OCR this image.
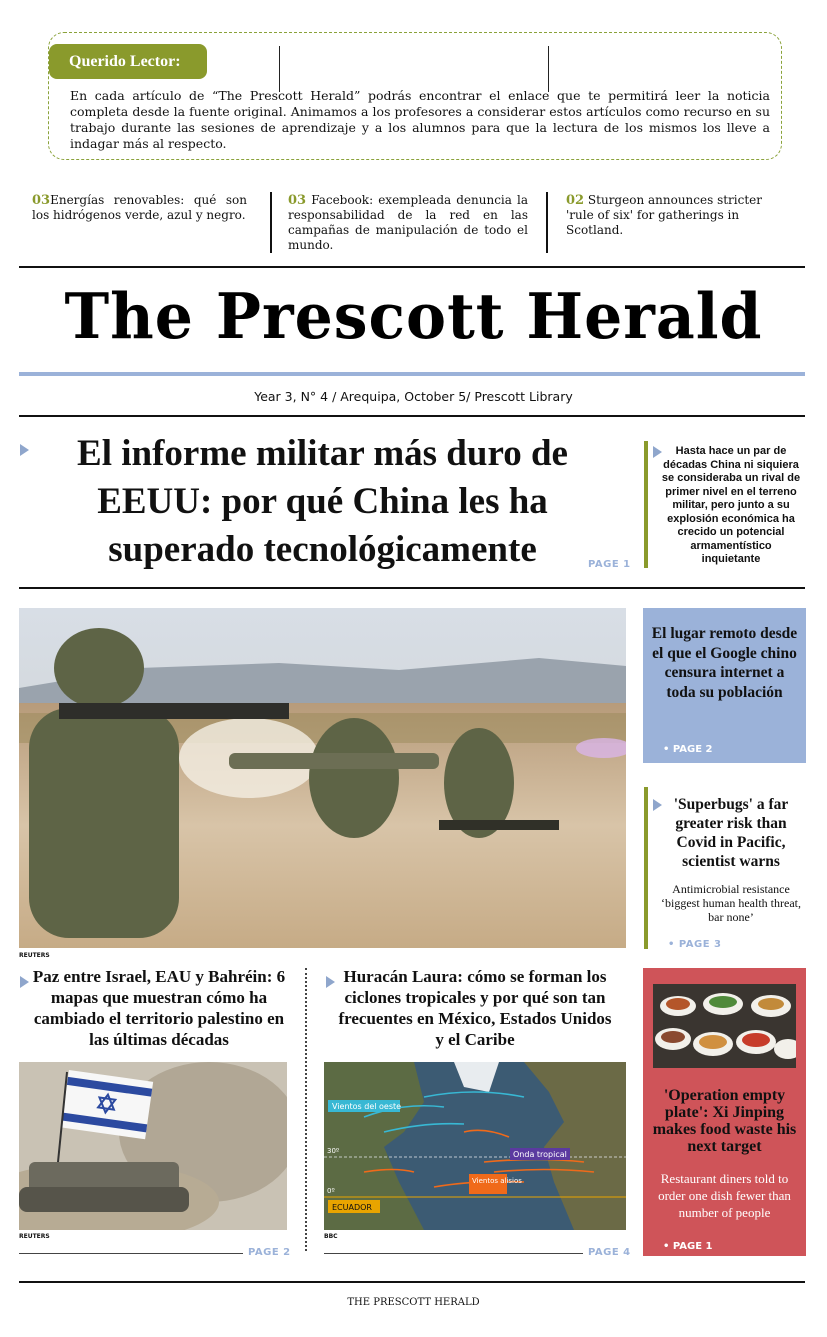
Querido Lector:
En cada artículo de “The Prescott Herald” podrás encontrar el enlace que te permitirá leer la noticia completa desde la fuente original. Animamos a los profesores a considerar estos artículos como recurso en su trabajo durante las sesiones de aprendizaje y a los alumnos para que la lectura de los mismos los lleve a indagar más al respecto.
03Energías renovables: qué son los hidrógenos verde, azul y negro.
03 Facebook: exempleada denuncia la responsabilidad de la red en las campañas de manipulación de todo el mundo.
02 Sturgeon announces stricter 'rule of six' for gatherings in Scotland.
The Prescott Herald
Year 3, N° 4 / Arequipa, October 5/ Prescott Library
El informe militar más duro de EEUU: por qué China les ha superado tecnológicamente	PAGE 1
Hasta hace un par de décadas China ni siquiera se consideraba un rival de primer nivel en el terreno militar, pero junto a su explosión económica ha crecido un potencial armamentístico inquietante
REUTERS
El lugar remoto desde el que el Google chino censura internet a toda su población
• PAGE 2
'Superbugs' a far greater risk than Covid in Pacific, scientist warns
Antimicrobial resistance ‘biggest human health threat, bar none’
• PAGE 3
'Operation empty plate': Xi Jinping makes food waste his next target
Restaurant diners told to order one dish fewer than number of people
• PAGE 1
Paz entre Israel, EAU y Bahréin: 6 mapas que muestran cómo ha cambiado el territorio palestino en las últimas décadas
REUTERS
PAGE 2
Huracán Laura: cómo se forman los ciclones tropicales y por qué son tan frecuentes en México, Estados Unidos y el Caribe
Vientos del oeste
Onda tropical
Vientos alisios
ECUADOR
30º
0º
BBC
PAGE 4
THE PRESCOTT HERALD
